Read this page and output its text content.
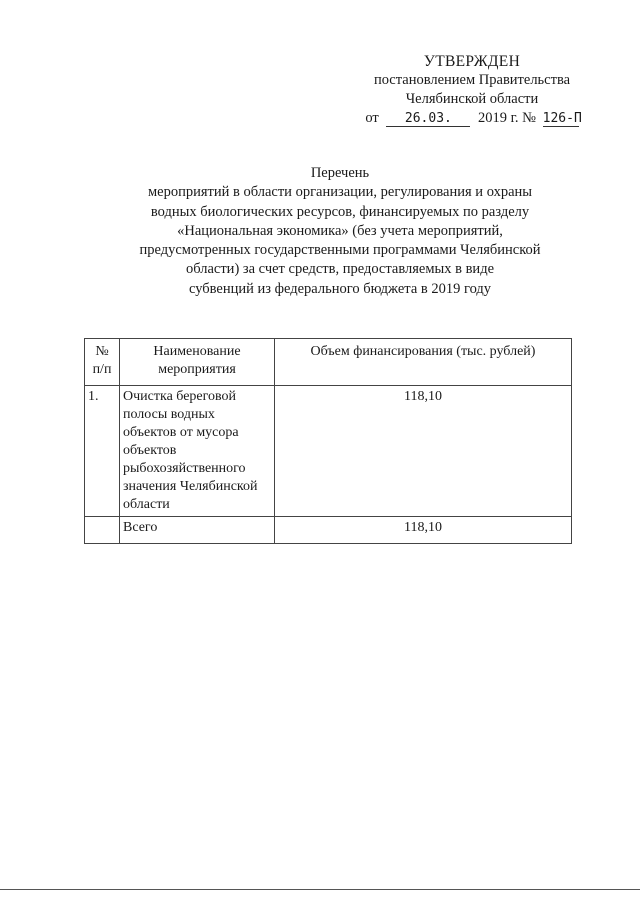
УТВЕРЖДЕН
постановлением Правительства
Челябинской области
от 26.03. 2019 г. № 126-П
Перечень
мероприятий в области организации, регулирования и охраны
водных биологических ресурсов, финансируемых по разделу
«Национальная экономика» (без учета мероприятий,
предусмотренных государственными программами Челябинской
области) за счет средств, предоставляемых в виде
субвенций из федерального бюджета в 2019 году
№ п/п	Наименование мероприятия	Объем финансирования (тыс. рублей)
1.	Очистка береговой полосы водных объектов от мусора объектов рыбохозяйственного значения Челябинской области	118,10
	Всего	118,10
